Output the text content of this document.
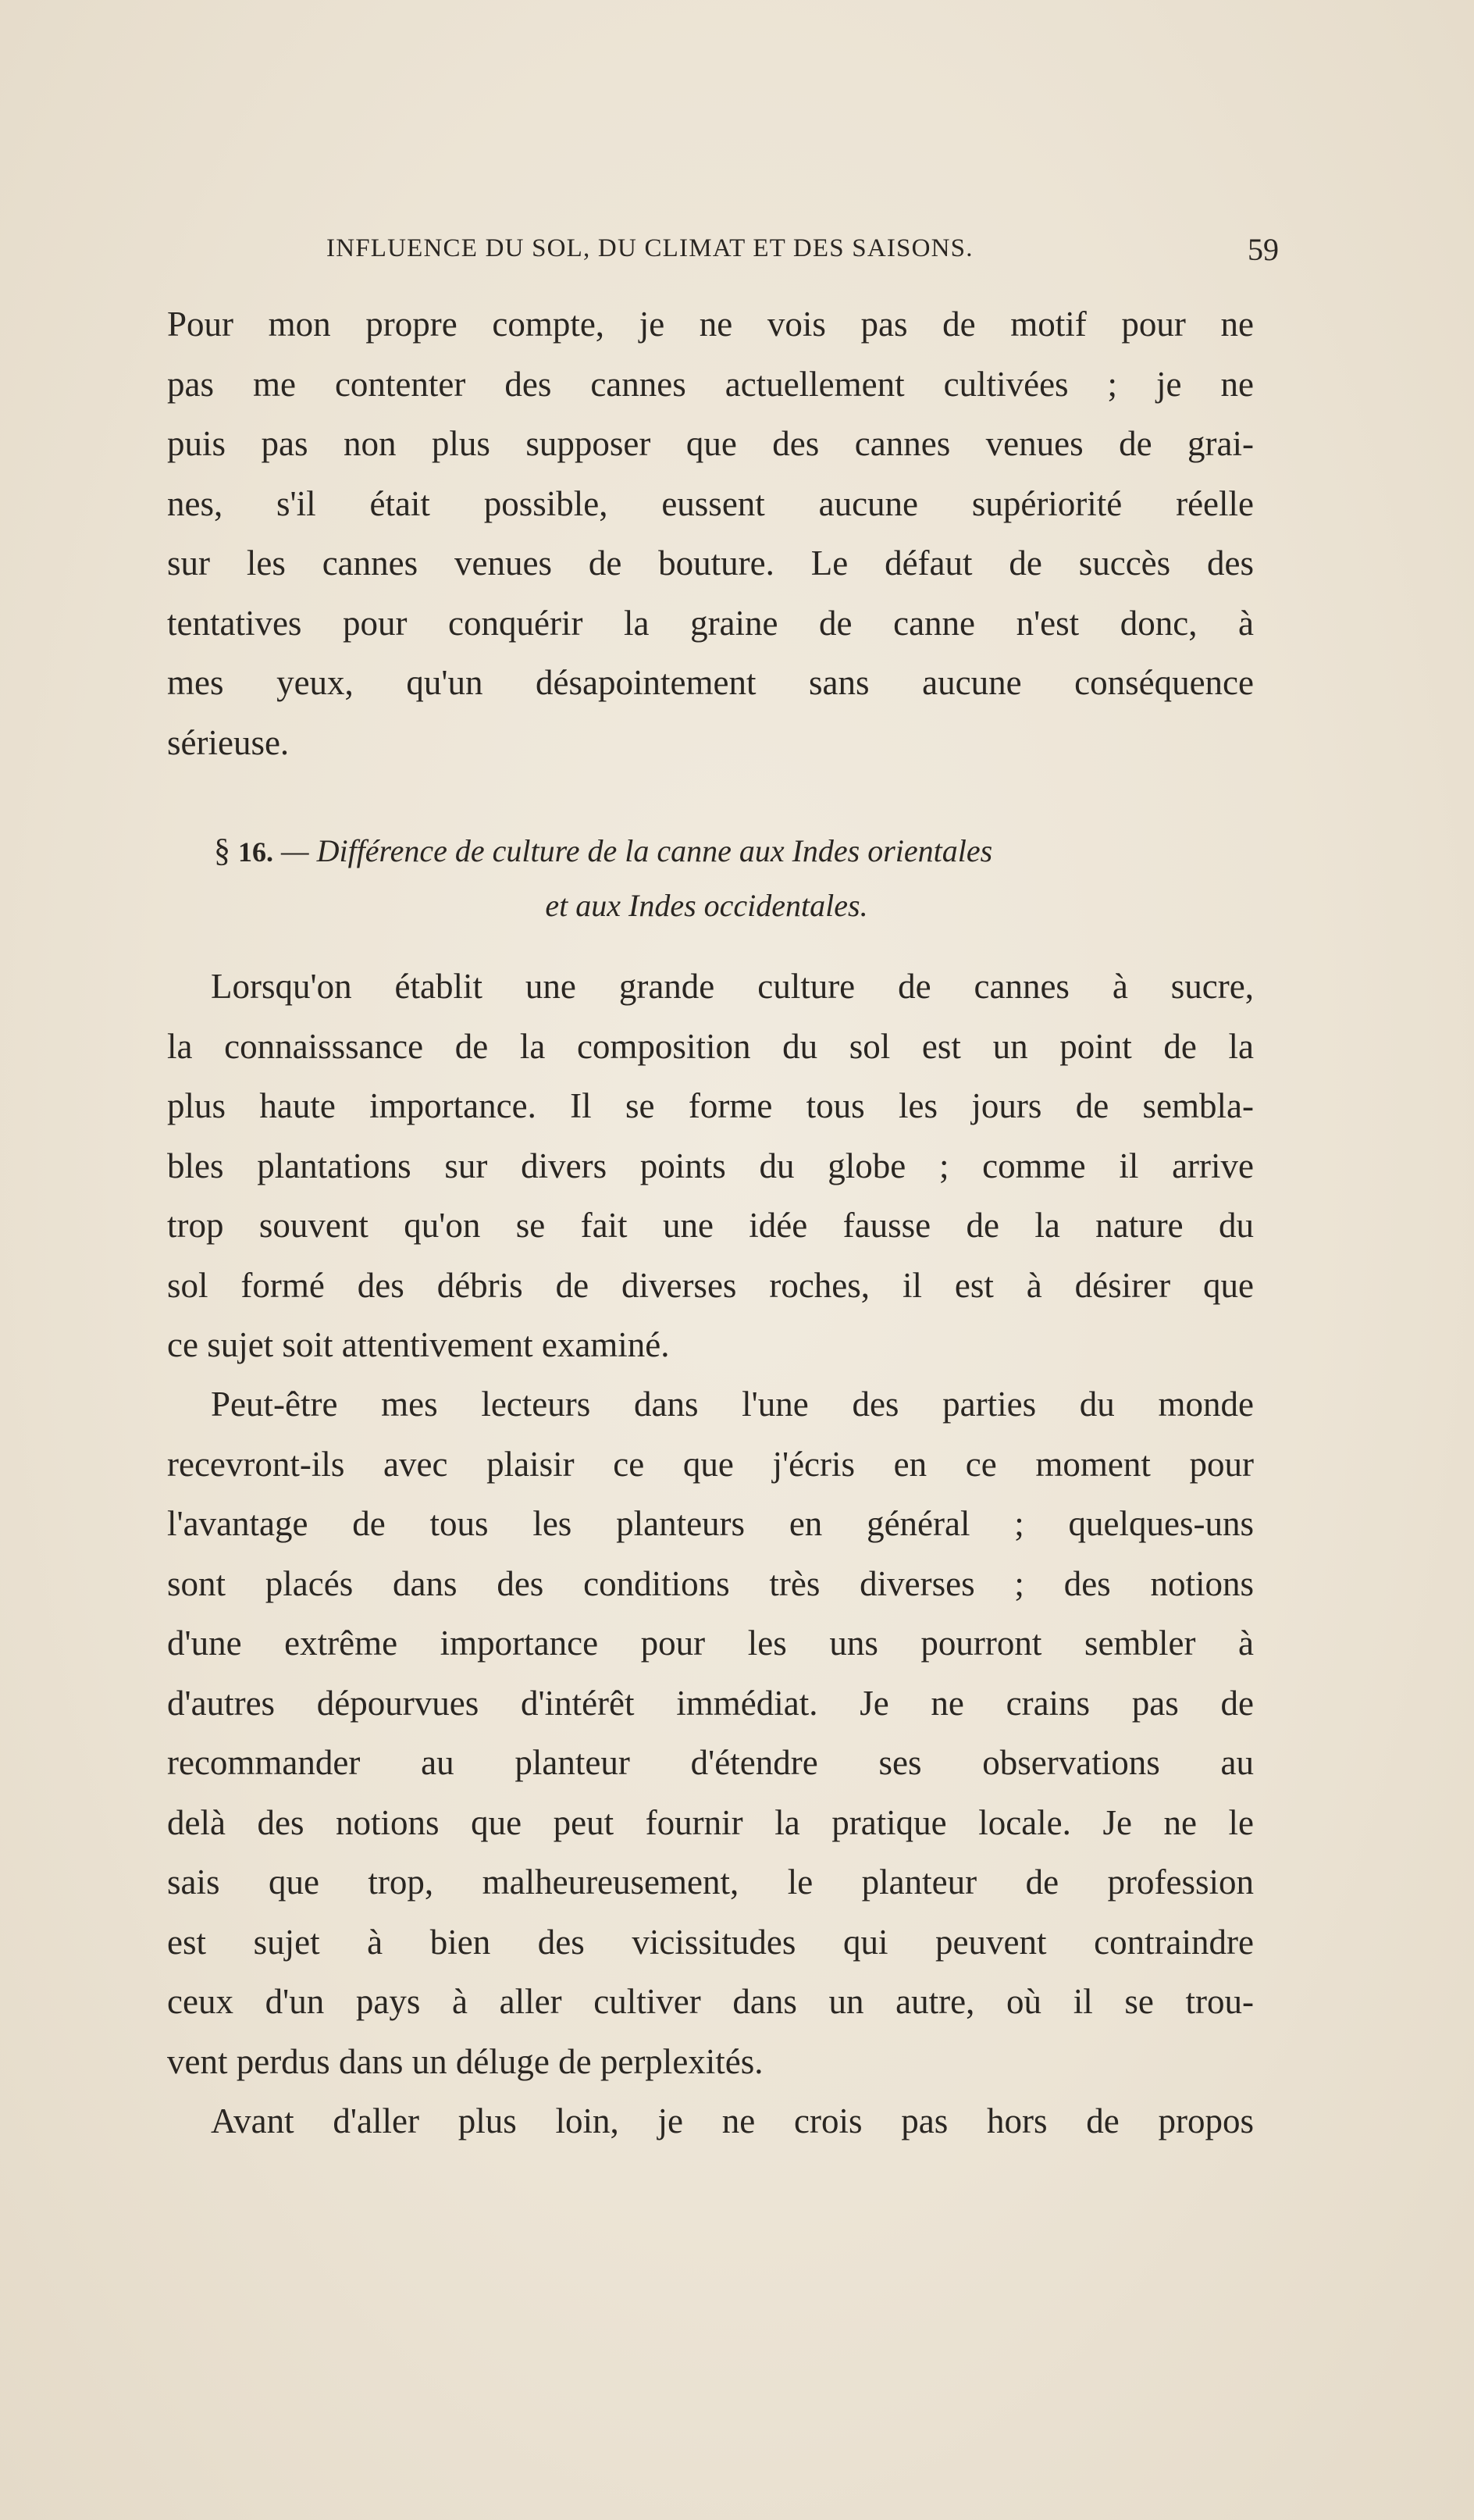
INFLUENCE DU SOL, DU CLIMAT ET DES SAISONS.	59
Pour mon propre compte, je ne vois pas de motif pour ne
pas me contenter des cannes actuellement cultivées ; je ne
puis pas non plus supposer que des cannes venues de grai-
nes, s'il était possible, eussent aucune supériorité réelle
sur les cannes venues de bouture. Le défaut de succès des
tentatives pour conquérir la graine de canne n'est donc, à
mes yeux, qu'un désapointement sans aucune conséquence
sérieuse.
§ 16. — Différence de culture de la canne aux Indes orientales
et aux Indes occidentales.
Lorsqu'on établit une grande culture de cannes à sucre,
la connaisssance de la composition du sol est un point de la
plus haute importance. Il se forme tous les jours de sembla-
bles plantations sur divers points du globe ; comme il arrive
trop souvent qu'on se fait une idée fausse de la nature du
sol formé des débris de diverses roches, il est à désirer que
ce sujet soit attentivement examiné.
Peut-être mes lecteurs dans l'une des parties du monde
recevront-ils avec plaisir ce que j'écris en ce moment pour
l'avantage de tous les planteurs en général ; quelques-uns
sont placés dans des conditions très diverses ; des notions
d'une extrême importance pour les uns pourront sembler à
d'autres dépourvues d'intérêt immédiat. Je ne crains pas de
recommander au planteur d'étendre ses observations au
delà des notions que peut fournir la pratique locale. Je ne le
sais que trop, malheureusement, le planteur de profession
est sujet à bien des vicissitudes qui peuvent contraindre
ceux d'un pays à aller cultiver dans un autre, où il se trou-
vent perdus dans un déluge de perplexités.
Avant d'aller plus loin, je ne crois pas hors de propos
